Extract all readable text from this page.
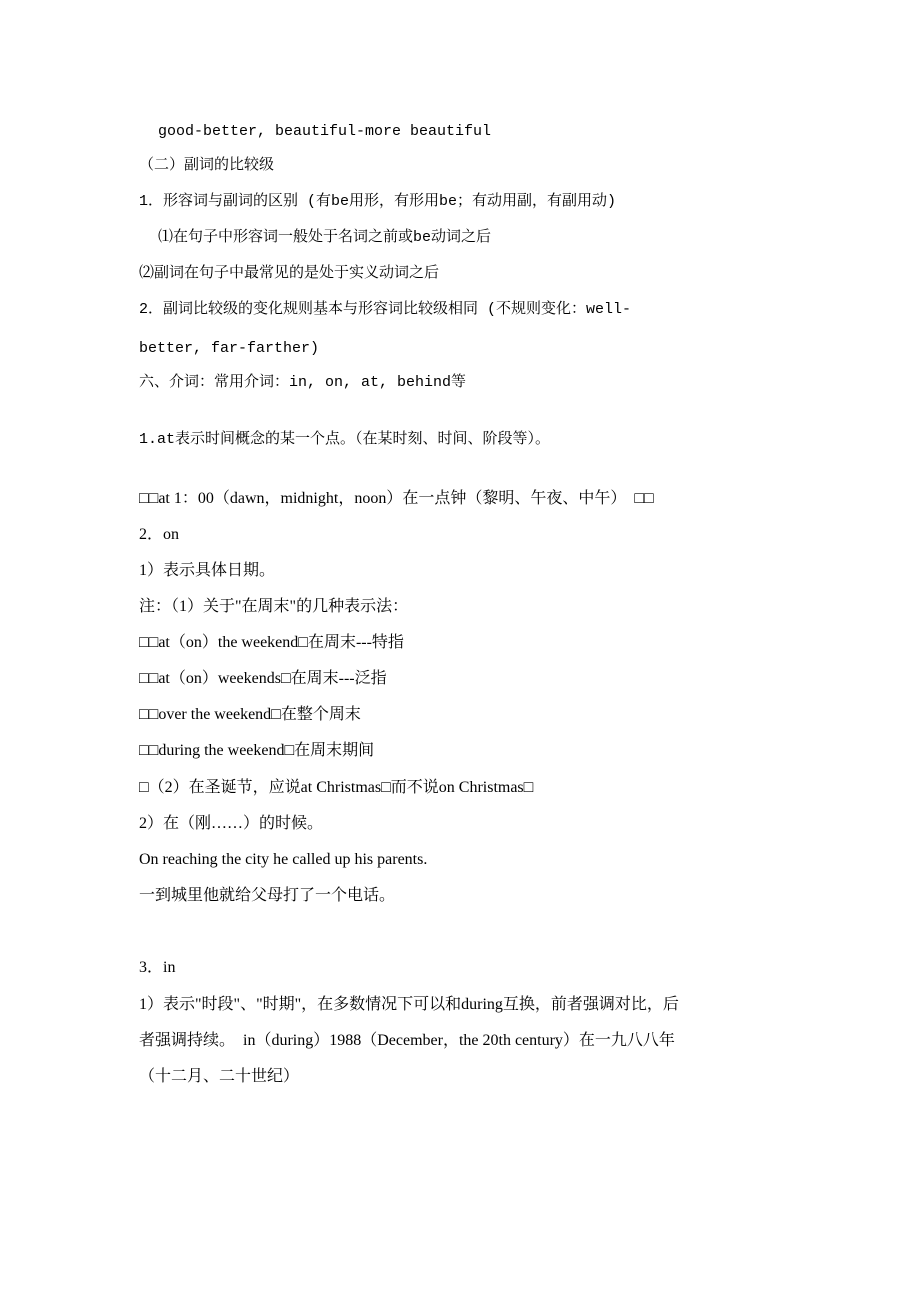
good-better, beautiful-more beautiful
（二）副词的比较级
1．形容词与副词的区别 (有be用形，有形用be；有动用副，有副用动)
⑴在句子中形容词一般处于名词之前或be动词之后
⑵副词在句子中最常见的是处于实义动词之后
2．副词比较级的变化规则基本与形容词比较级相同 (不规则变化：well-
better, far-farther)
六、介词：常用介词：in, on, at, behind等
1.at表示时间概念的某一个点。（在某时刻、时间、阶段等）。
□□at 1：00（dawn，midnight，noon）在一点钟（黎明、午夜、中午）　□□
2．on
1）表示具体日期。
注：（1）关于"在周末"的几种表示法：
□□at（on）the weekend□在周末---特指
□□at（on）weekends□在周末---泛指
□□over the weekend□在整个周末
□□during the weekend□在周末期间
□（2）在圣诞节，应说at Christmas□而不说on Christmas□
2）在（刚……）的时候。
On reaching the city he called up his parents.
一到城里他就给父母打了一个电话。
3．in
1）表示"时段"、"时期"，在多数情况下可以和during互换，前者强调对比，后
者强调持续。　in（during）1988（December，the 20th century）在一九八八年
（十二月、二十世纪）
